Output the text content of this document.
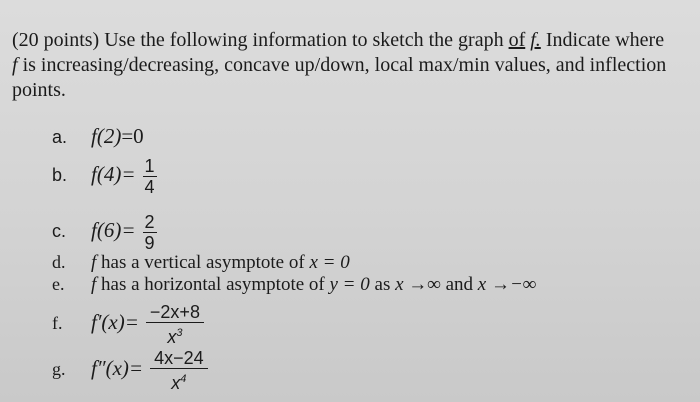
(20 points) Use the following information to sketch the graph of f. Indicate where
f is increasing/decreasing, concave up/down, local max/min values, and inflection
points.
a. f(2)=0
b. $f(4)= \frac{1}{4}$
c. $f(6)= \frac{2}{9}$
d. f has a vertical asymptote of x = 0
e. f has a horizontal asymptote of y = 0 as x →∞ and x →−∞
f. $f'(x)= \frac{-2x+8}{x^3}$
g. $f''(x)= \frac{4x-24}{x^4}$
